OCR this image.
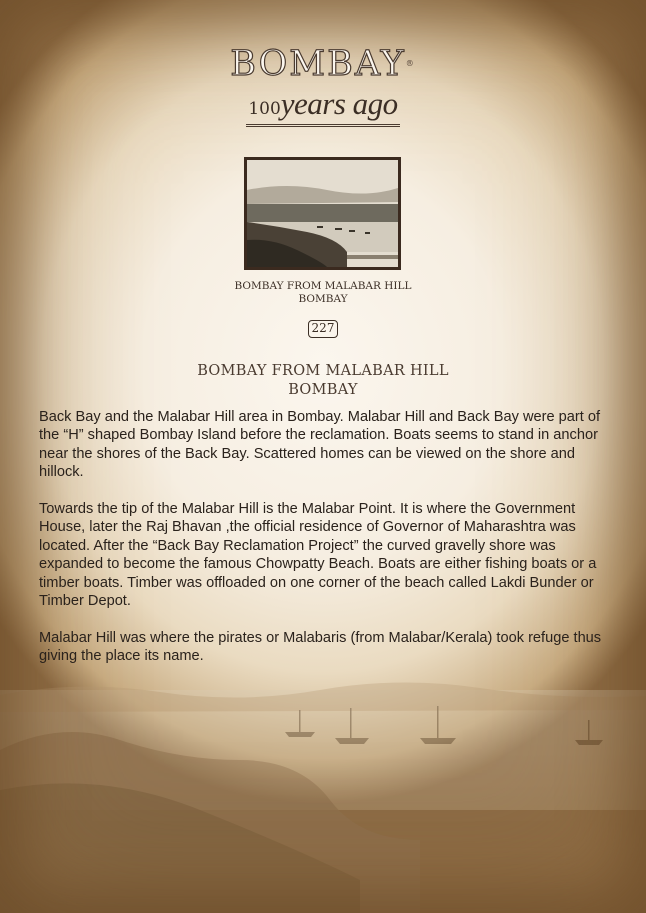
BOMBAY®
100years ago
BOMBAY FROM MALABAR HILL
BOMBAY
227
BOMBAY FROM MALABAR HILL
BOMBAY

Back Bay and the Malabar Hill area in Bombay. Malabar Hill and Back Bay were part of the “H” shaped Bombay Island before the reclamation. Boats seems to stand in anchor near the shores of the Back Bay. Scattered homes can be viewed on the shore and hillock.

Towards the tip of the Malabar Hill is the Malabar Point. It is where the Government House, later the Raj Bhavan ,the official residence of Governor of Maharashtra was located. After the “Back Bay Reclamation Project” the curved gravelly shore was expanded to become the famous Chowpatty Beach. Boats are either fishing boats or a timber boats. Timber was offloaded on one corner of the beach called Lakdi Bunder or Timber Depot.

Malabar Hill was where the pirates or Malabaris (from Malabar/Kerala) took refuge thus giving the place its name.
